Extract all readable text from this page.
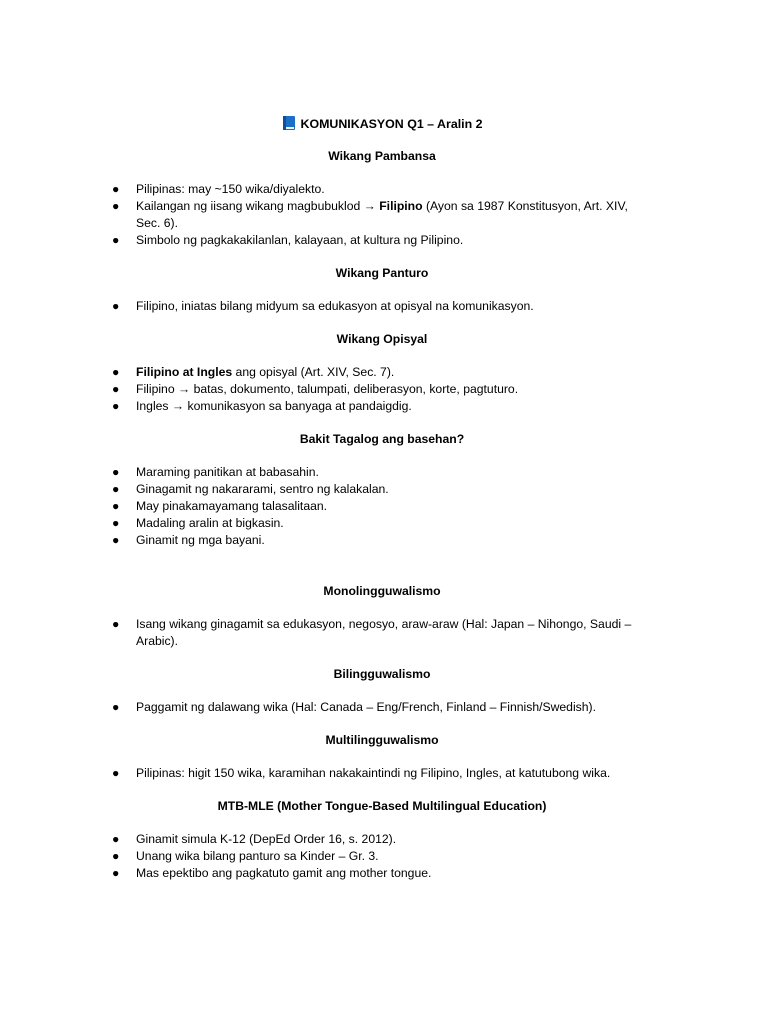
KOMUNIKASYON Q1 – Aralin 2
Wikang Pambansa
● Pilipinas: may ~150 wika/diyalekto.
● Kailangan ng iisang wikang magbubuklod → Filipino (Ayon sa 1987 Konstitusyon, Art. XIV, Sec. 6).
● Simbolo ng pagkakakilanlan, kalayaan, at kultura ng Pilipino.
Wikang Panturo
● Filipino, iniatas bilang midyum sa edukasyon at opisyal na komunikasyon.
Wikang Opisyal
● Filipino at Ingles ang opisyal (Art. XIV, Sec. 7).
● Filipino → batas, dokumento, talumpati, deliberasyon, korte, pagtuturo.
● Ingles → komunikasyon sa banyaga at pandaigdig.
Bakit Tagalog ang basehan?
● Maraming panitikan at babasahin.
● Ginagamit ng nakararami, sentro ng kalakalan.
● May pinakamayamang talasalitaan.
● Madaling aralin at bigkasin.
● Ginamit ng mga bayani.
Monolingguwalismo
● Isang wikang ginagamit sa edukasyon, negosyo, araw-araw (Hal: Japan – Nihongo, Saudi – Arabic).
Bilingguwalismo
● Paggamit ng dalawang wika (Hal: Canada – Eng/French, Finland – Finnish/Swedish).
Multilingguwalismo
● Pilipinas: higit 150 wika, karamihan nakakaintindi ng Filipino, Ingles, at katutubong wika.
MTB-MLE (Mother Tongue-Based Multilingual Education)
● Ginamit simula K-12 (DepEd Order 16, s. 2012).
● Unang wika bilang panturo sa Kinder – Gr. 3.
● Mas epektibo ang pagkatuto gamit ang mother tongue.
